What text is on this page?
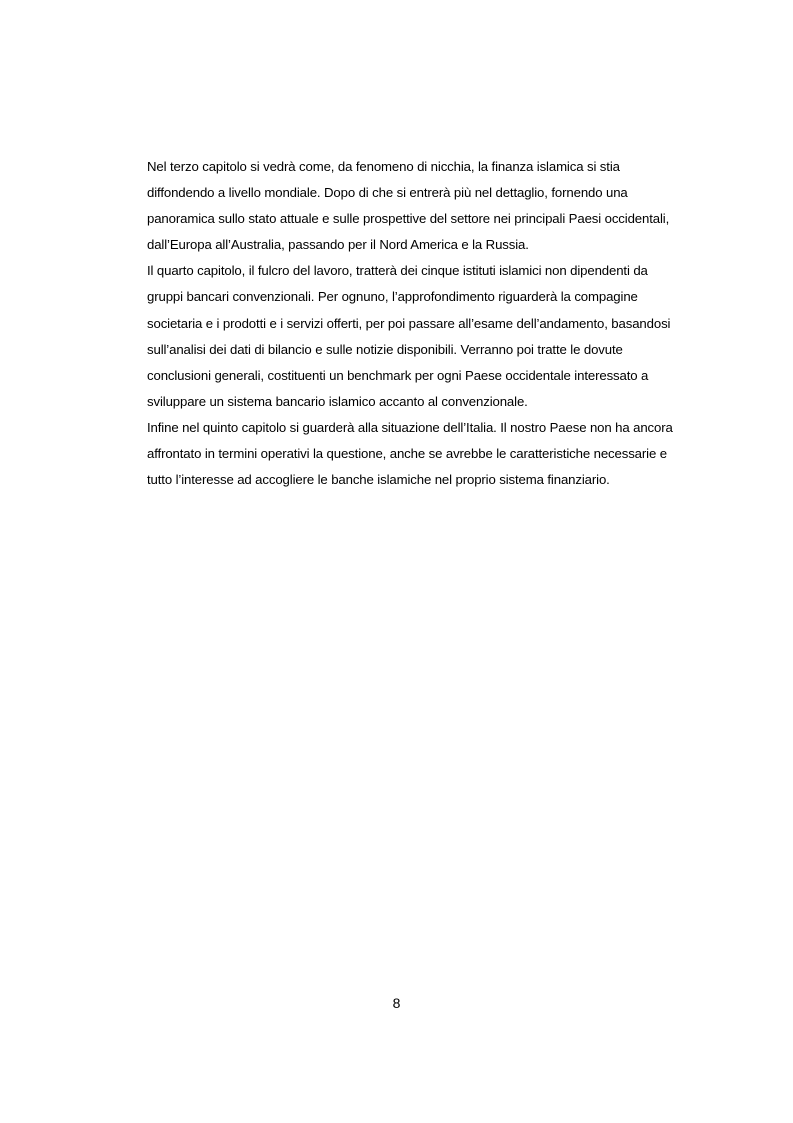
Nel terzo capitolo si vedrà come, da fenomeno di nicchia, la finanza islamica si stia
diffondendo a livello mondiale. Dopo di che si entrerà più nel dettaglio, fornendo una
panoramica sullo stato attuale e sulle prospettive del settore nei principali Paesi occidentali,
dall’Europa all’Australia, passando per il Nord America e la Russia.
Il quarto capitolo, il fulcro del lavoro, tratterà dei cinque istituti islamici non dipendenti da
gruppi bancari convenzionali. Per ognuno, l’approfondimento riguarderà la compagine
societaria e i prodotti e i servizi offerti, per poi passare all’esame dell’andamento, basandosi
sull’analisi dei dati di bilancio e sulle notizie disponibili. Verranno poi tratte le dovute
conclusioni generali, costituenti un benchmark per ogni Paese occidentale interessato a
sviluppare un sistema bancario islamico accanto al convenzionale.
Infine nel quinto capitolo si guarderà alla situazione dell’Italia. Il nostro Paese non ha ancora
affrontato in termini operativi la questione, anche se avrebbe le caratteristiche necessarie e
tutto l’interesse ad accogliere le banche islamiche nel proprio sistema finanziario.
8
